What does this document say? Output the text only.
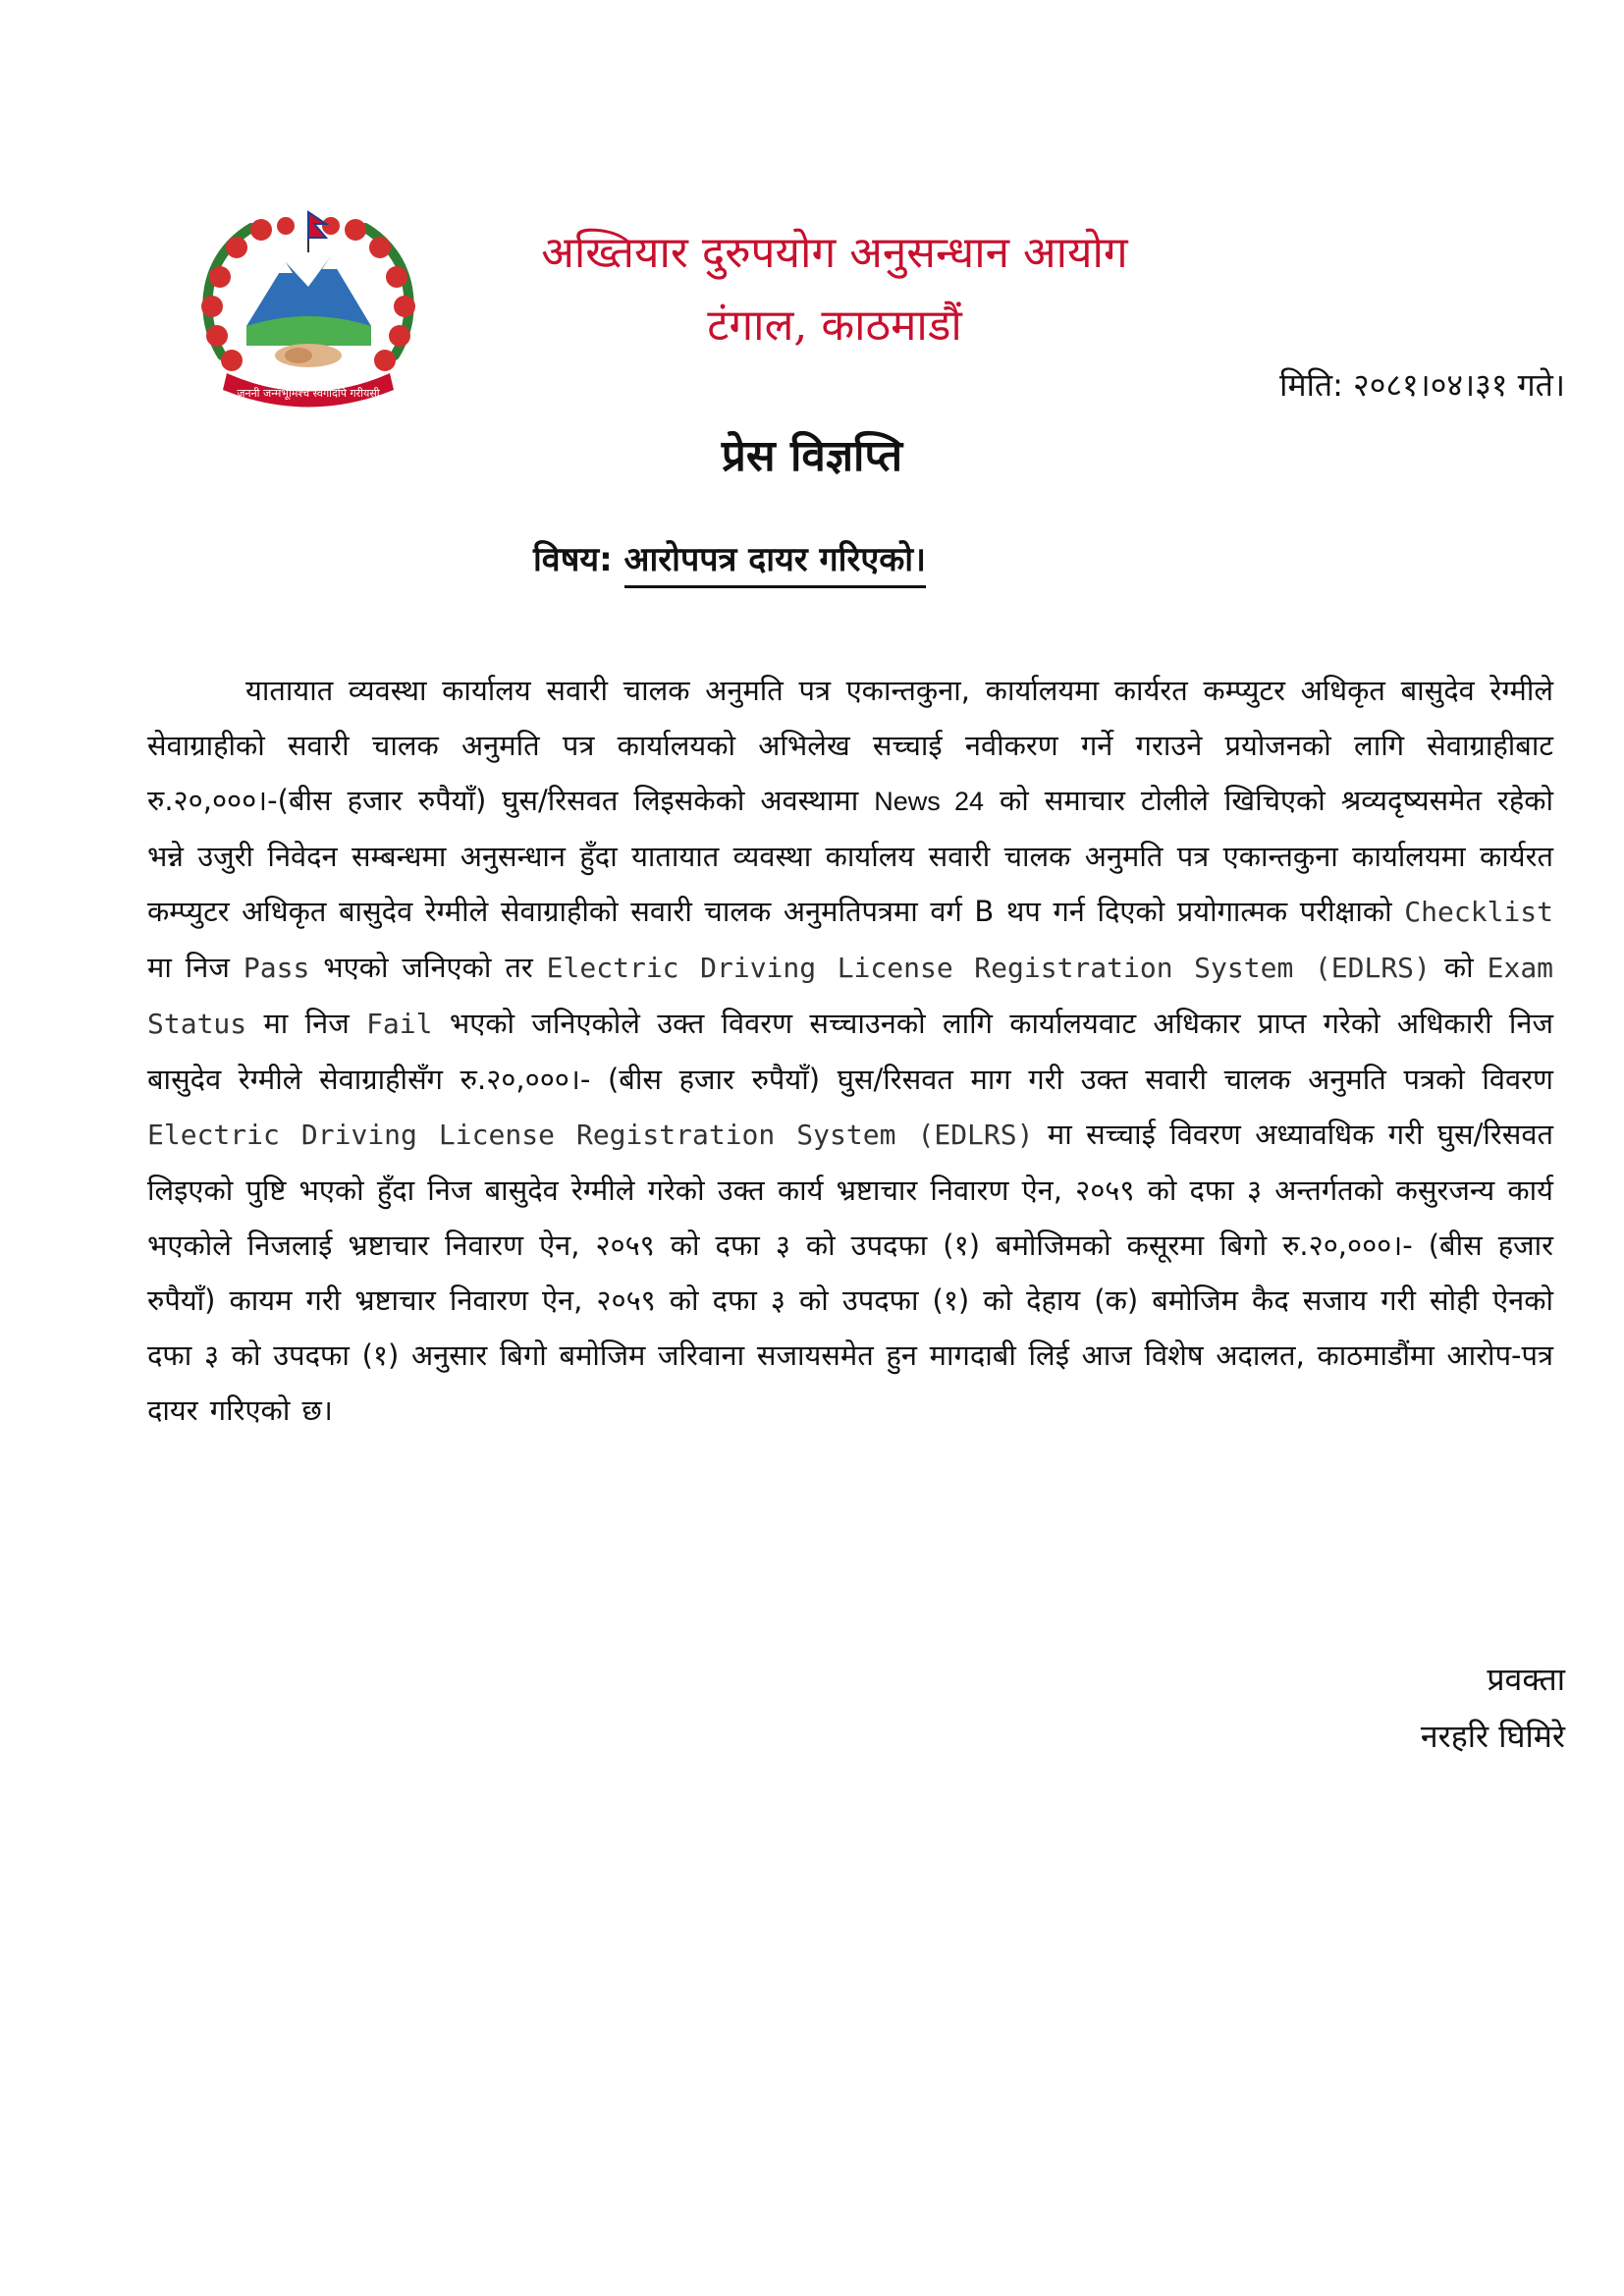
जननी जन्मभूमिश्च स्वर्गादपि गरीयसी

अख्तियार दुरुपयोग अनुसन्धान आयोग

टंगाल, काठमाडौं

मिति: २०८१।०४।३१ गते।

प्रेस विज्ञप्ति

विषय: आरोपपत्र दायर गरिएको।

यातायात व्यवस्था कार्यालय सवारी चालक अनुमति पत्र एकान्तकुना, कार्यालयमा कार्यरत कम्प्युटर अधिकृत बासुदेव रेग्मीले सेवाग्राहीको सवारी चालक अनुमति पत्र कार्यालयको अभिलेख सच्चाई नवीकरण गर्ने गराउने प्रयोजनको लागि सेवाग्राहीबाट रु.२०,०००।-(बीस हजार रुपैयाँ) घुस/रिसवत लिइसकेको अवस्थामा News 24 को समाचार टोलीले खिचिएको श्रव्यदृष्यसमेत रहेको भन्ने उजुरी निवेदन सम्बन्धमा अनुसन्धान हुँदा यातायात व्यवस्था कार्यालय सवारी चालक अनुमति पत्र एकान्तकुना कार्यालयमा कार्यरत कम्प्युटर अधिकृत बासुदेव रेग्मीले सेवाग्राहीको सवारी चालक अनुमतिपत्रमा वर्ग B थप गर्न दिएको प्रयोगात्मक परीक्षाको Checklist मा निज Pass भएको जनिएको तर Electric Driving License Registration System (EDLRS) को Exam Status मा निज Fail भएको जनिएकोले उक्त विवरण सच्चाउनको लागि कार्यालयवाट अधिकार प्राप्त गरेको अधिकारी निज बासुदेव रेग्मीले सेवाग्राहीसँग रु.२०,०००।- (बीस हजार रुपैयाँ) घुस/रिसवत माग गरी उक्त सवारी चालक अनुमति पत्रको विवरण Electric Driving License Registration System (EDLRS) मा सच्चाई विवरण अध्यावधिक गरी घुस/रिसवत लिइएको पुष्टि भएको हुँदा निज बासुदेव रेग्मीले गरेको उक्त कार्य भ्रष्टाचार निवारण ऐन, २०५९ को दफा ३ अन्तर्गतको कसुरजन्य कार्य भएकोले निजलाई भ्रष्टाचार निवारण ऐन, २०५९ को दफा ३ को उपदफा (१) बमोजिमको कसूरमा बिगो रु.२०,०००।- (बीस हजार रुपैयाँ) कायम गरी भ्रष्टाचार निवारण ऐन, २०५९ को दफा ३ को उपदफा (१) को देहाय (क) बमोजिम कैद सजाय गरी सोही ऐनको दफा ३ को उपदफा (१) अनुसार बिगो बमोजिम जरिवाना सजायसमेत हुन मागदाबी लिई आज विशेष अदालत, काठमाडौंमा आरोप-पत्र दायर गरिएको छ।

प्रवक्ता

नरहरि घिमिरे
